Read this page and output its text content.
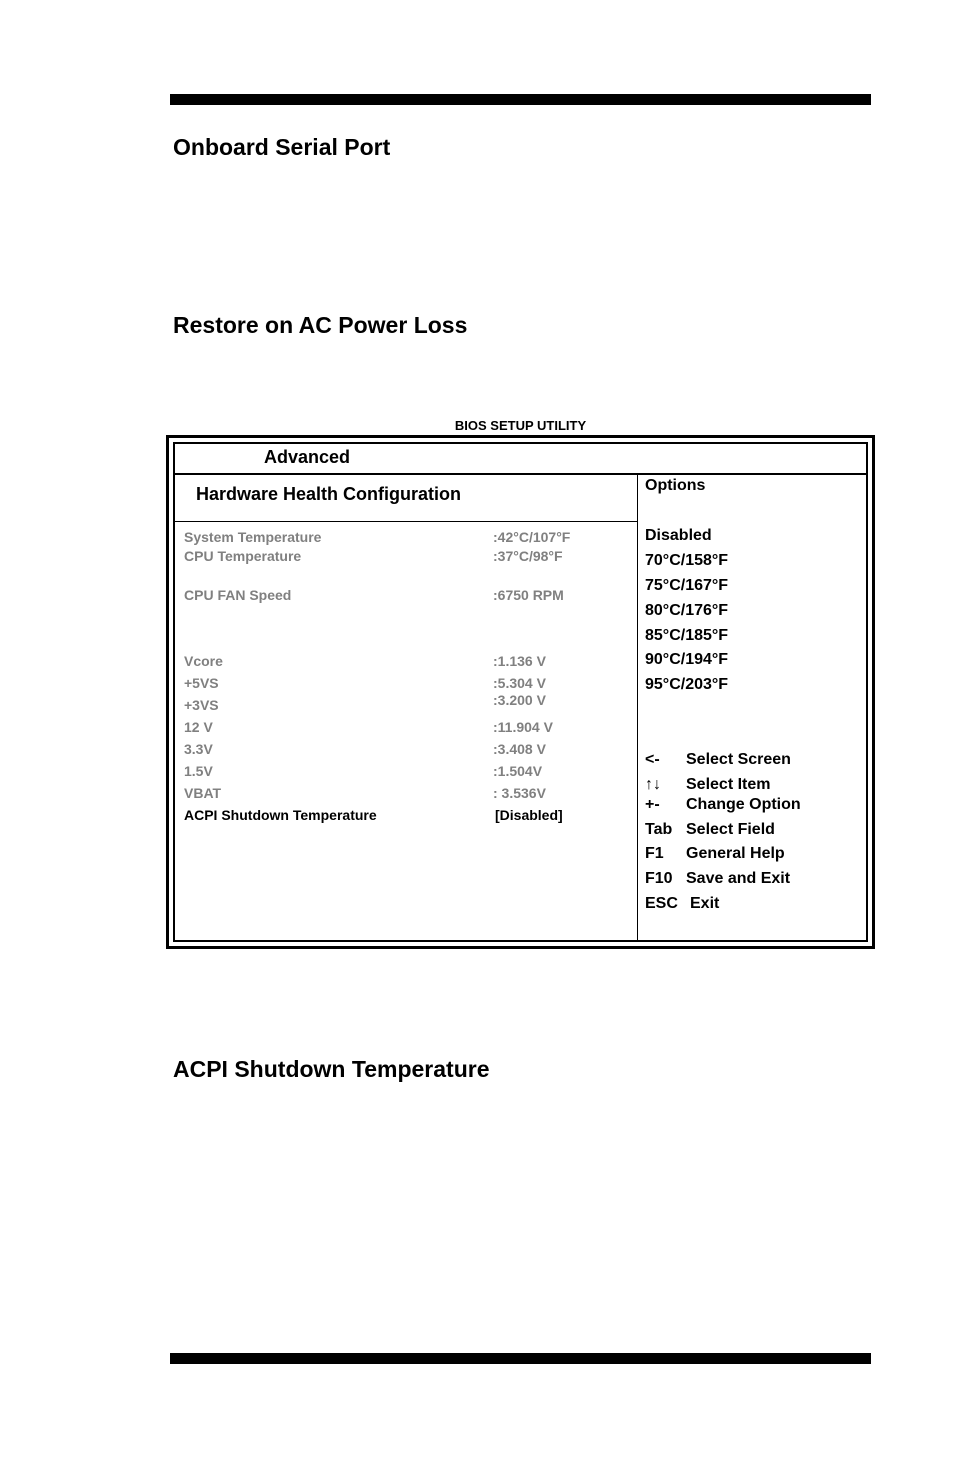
Onboard Serial Port
Restore on AC Power Loss
BIOS SETUP UTILITY
Advanced
Hardware Health Configuration
System Temperature	:42°C/107°F
CPU Temperature	:37°C/98°F
CPU FAN Speed	:6750 RPM
Vcore	:1.136 V
+5VS	:5.304 V
+3VS	:3.200 V
12 V	:11.904 V
3.3V	:3.408 V
1.5V	:1.504V
VBAT	: 3.536V
ACPI Shutdown Temperature	[Disabled]
Options
Disabled
70°C/158°F
75°C/167°F
80°C/176°F
85°C/185°F
90°C/194°F
95°C/203°F
<- Select Screen
↑↓ Select Item
+- Change Option
Tab Select Field
F1 General Help
F10 Save and Exit
ESC Exit
ACPI Shutdown Temperature
